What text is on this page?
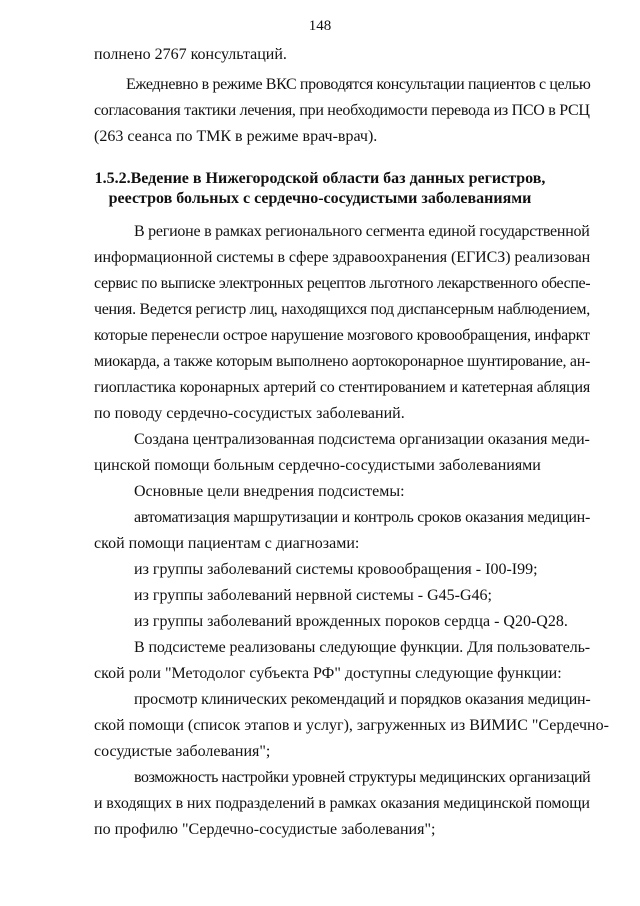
148
полнено 2767 консультаций.
Ежедневно в режиме ВКС проводятся консультации пациентов с целью
согласования тактики лечения, при необходимости перевода из ПСО в РСЦ
(263 сеанса по ТМК в режиме врач-врач).
1.5.2.Ведение в Нижегородской области баз данных регистров,
реестров больных с сердечно-сосудистыми заболеваниями
В регионе в рамках регионального сегмента единой государственной
информационной системы в сфере здравоохранения (ЕГИСЗ) реализован
сервис по выписке электронных рецептов льготного лекарственного обеспе-
чения. Ведется регистр лиц, находящихся под диспансерным наблюдением,
которые перенесли острое нарушение мозгового кровообращения, инфаркт
миокарда, а также которым выполнено аортокоронарное шунтирование, ан-
гиопластика коронарных артерий со стентированием и катетерная абляция
по поводу сердечно-сосудистых заболеваний.
Создана централизованная подсистема организации оказания меди-
цинской помощи больным сердечно-сосудистыми заболеваниями
Основные цели внедрения подсистемы:
автоматизация маршрутизации и контроль сроков оказания медицин-
ской помощи пациентам с диагнозами:
из группы заболеваний системы кровообращения - I00-I99;
из группы заболеваний нервной системы - G45-G46;
из группы заболеваний врожденных пороков сердца - Q20-Q28.
В подсистеме реализованы следующие функции. Для пользователь-
ской роли "Методолог субъекта РФ" доступны следующие функции:
просмотр клинических рекомендаций и порядков оказания медицин-
ской помощи (список этапов и услуг), загруженных из ВИМИС "Сердечно-
сосудистые заболевания";
возможность настройки уровней структуры медицинских организаций
и входящих в них подразделений в рамках оказания медицинской помощи
по профилю "Сердечно-сосудистые заболевания";
